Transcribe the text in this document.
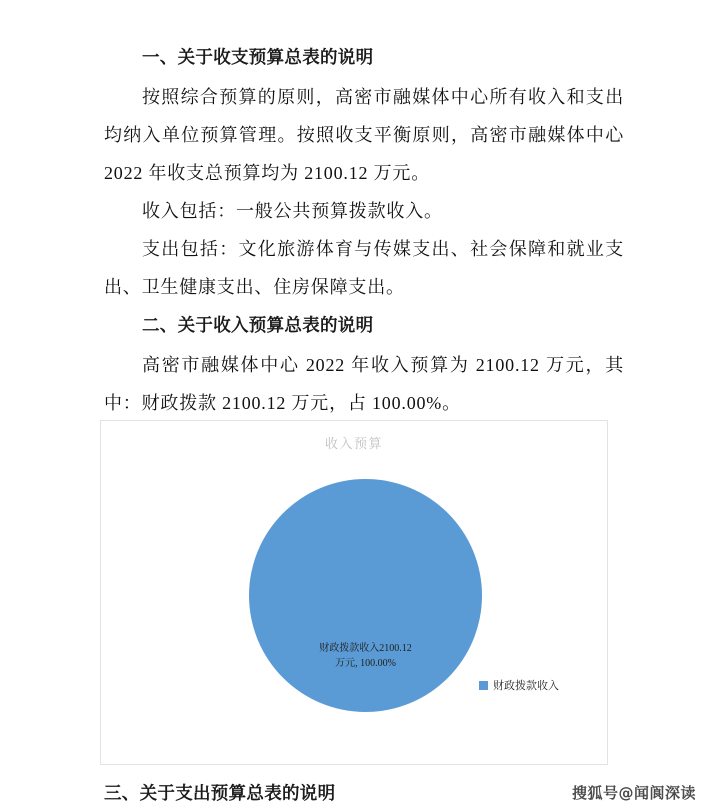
一、关于收支预算总表的说明
按照综合预算的原则，高密市融媒体中心所有收入和支出均纳入单位预算管理。按照收支平衡原则，高密市融媒体中心 2022 年收支总预算均为 2100.12 万元。
收入包括：一般公共预算拨款收入。
支出包括：文化旅游体育与传媒支出、社会保障和就业支出、卫生健康支出、住房保障支出。
二、关于收入预算总表的说明
高密市融媒体中心 2022 年收入预算为 2100.12 万元，其中：财政拨款 2100.12 万元，占 100.00%。
收入预算
财政拨款收入2100.12
万元, 100.00%
财政拨款收入
三、关于支出预算总表的说明	搜狐号@闻阆深读
